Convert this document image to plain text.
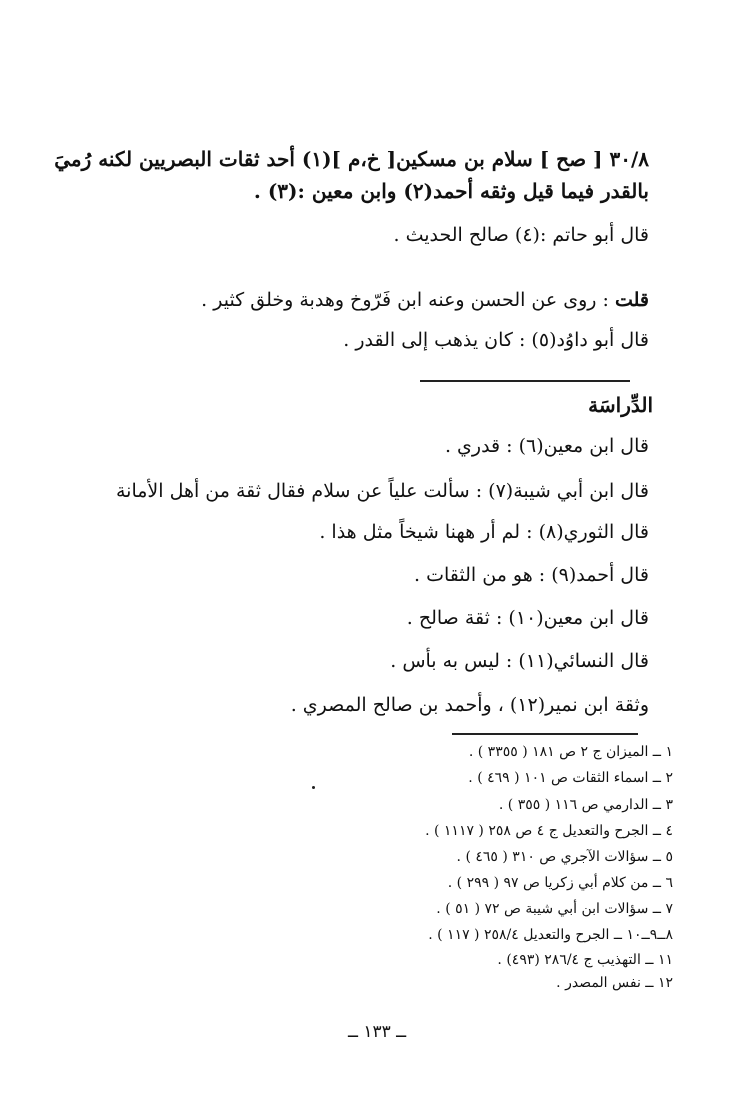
٣٠/٨ [ صح ] سلام بن مسكين[ خ،م ](١) أحد ثقات البصريين لكنه رُميَ
بالقدر فيما قيل وثقه أحمد(٢) وابن معين :(٣) .
قال أبو حاتم :(٤) صالح الحديث .
قلت : روى عن الحسن وعنه ابن فَرّوخ وهدبة وخلق كثير .
قال أبو داوُد(٥) : كان يذهب إلى القدر .
الدِّراسَة
قال ابن معين(٦) : قدري .
قال ابن أبي شيبة(٧) : سألت علياً عن سلام فقال ثقة من أهل الأمانة
قال الثوري(٨) : لم أر ههنا شيخاً مثل هذا .
قال أحمد(٩) : هو من الثقات .
قال ابن معين(١٠) : ثقة صالح .
قال النسائي(١١) : ليس به بأس .
وثقة ابن نمير(١٢) ، وأحمد بن صالح المصري .
١ ــ الميزان ج ٢ ص ١٨١ ( ٣٣٥٥ ) .
٢ ــ اسماء الثقات ص ١٠١ ( ٤٦٩ ) .
٣ ــ الدارمي ص ١١٦ ( ٣٥٥ ) .
٤ ــ الجرح والتعديل ج ٤ ص ٢٥٨ ( ١١١٧ ) .
٥ ــ سؤالات الآجري ص ٣١٠ ( ٤٦٥ ) .
٦ ــ من كلام أبي زكريا ص ٩٧ ( ٢٩٩ ) .
٧ ــ سؤالات ابن أبي شيبة ص ٧٢ ( ٥١ ) .
٨ــ٩ــ١٠ ــ الجرح والتعديل ٢٥٨/٤ ( ١١٧ ) .
١١ ــ التهذيب ج ٢٨٦/٤ (٤٩٣) .
١٢ ــ نفس المصدر .
ــ ١٣٣ ــ
